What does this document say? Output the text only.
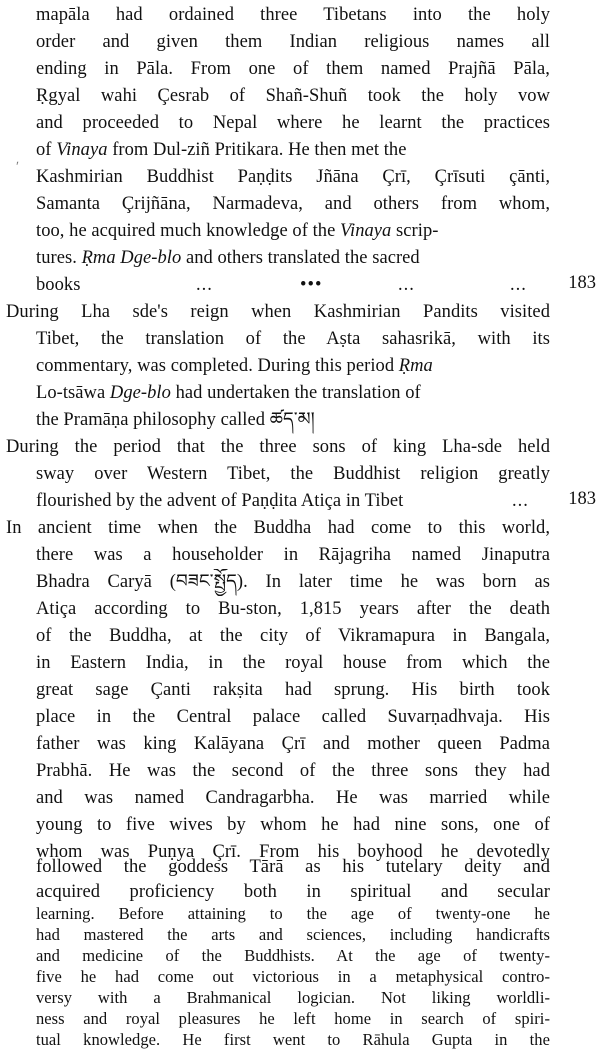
ʹ
mapāla had ordained three Tibetans into the holy
order and given them Indian religious names all
ending in Pāla. From one of them named Prajñā Pāla,
Ṛgyal wahi Çesrab of Shañ-Shuñ took the holy vow
and proceeded to Nepal where he learnt the practices
of Vinaya from Dul-ziñ Pritikara. He then met the
Kashmirian Buddhist Paṇḍits Jñāna Çrī, Çrīsuti çānti,
Samanta Çrijñāna, Narmadeva, and others from whom,
too, he acquired much knowledge of the Vinaya scrip-
tures. Ṛma Dge-blo and others translated the sacred
books	...	•••	...	... 183
During Lha sde's reign when Kashmirian Pandits visited
Tibet, the translation of the Aṣta sahasrikā, with its
commentary, was completed. During this period Ṛma
Lo-tsāwa Dge-blo had undertaken the translation of
the Pramāṇa philosophy called ཚད་མ།
During the period that the three sons of king Lha-sde held
sway over Western Tibet, the Buddhist religion greatly
flourished by the advent of Paṇḍita Atiça in Tibet	... 183
In ancient time when the Buddha had come to this world,
there was a householder in Rājagriha named Jinaputra
Bhadra Caryā (བཟང་སྤྱོད). In later time he was born as
Atiça according to Bu-ston, 1,815 years after the death
of the Buddha, at the city of Vikramapura in Bangala,
in Eastern India, in the royal house from which the
great sage Çanti rakṣita had sprung. His birth took
place in the Central palace called Suvarṇadhvaja. His
father was king Kalāyana Çrī and mother queen Padma
Prabhā. He was the second of the three sons they had
and was named Candragarbha. He was married while
young to five wives by whom he had nine sons, one of
whom was Puṇya Çrī. From his boyhood he devotedly
followed the goddess Tārā as his tutelary deity and
acquired proficiency both in spiritual and secular
learning. Before attaining to the age of twenty-one he
had mastered the arts and sciences, including handicrafts
and medicine of the Buddhists. At the age of twenty-
five he had come out victorious in a metaphysical contro-
versy with a Brahmanical logician. Not liking worldli-
ness and royal pleasures he left home in search of spiri-
tual knowledge. He first went to Rāhula Gupta in the
